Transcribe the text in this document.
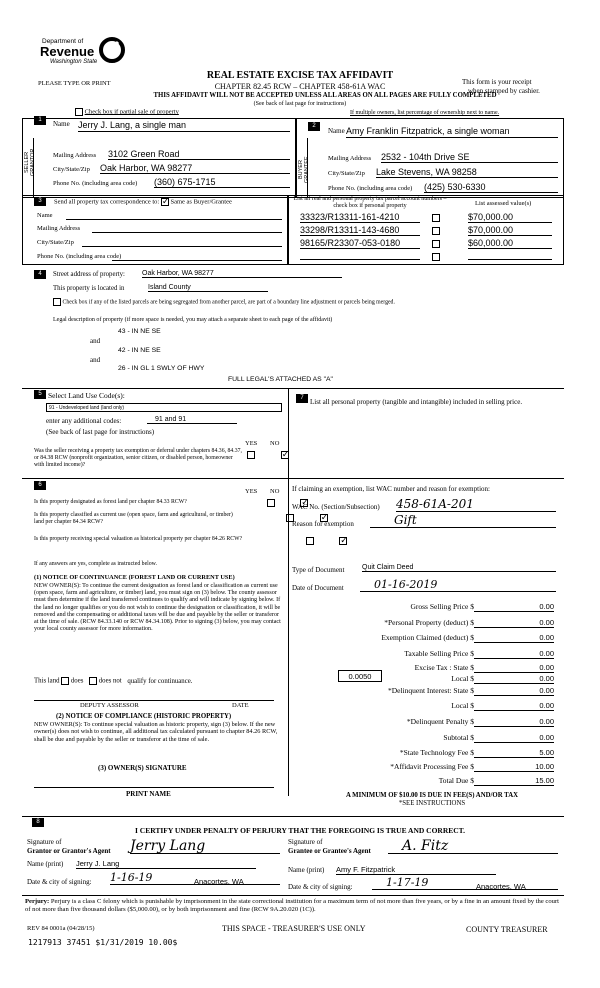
Department of
Revenue
Washington State
PLEASE TYPE OR PRINT
REAL ESTATE EXCISE TAX AFFIDAVIT
CHAPTER 82.45 RCW – CHAPTER 458-61A WAC
THIS AFFIDAVIT WILL NOT BE ACCEPTED UNLESS ALL AREAS ON ALL PAGES ARE FULLY COMPLETED
(See back of last page for instructions)
This form is your receipt
when stamped by cashier.
Check box if partial sale of property	If multiple owners, list percentage of ownership next to name.
1
SELLER GRANTOR
Name Jerry J. Lang, a single man
Mailing Address 3102 Green Road
City/State/Zip Oak Harbor, WA 98277
Phone No. (including area code) (360) 675-1715
2
BUYER GRANTEE
Name Amy Franklin Fitzpatrick, a single woman
Mailing Address 2532 - 104th Drive SE
City/State/Zip Lake Stevens, WA 98258
Phone No. (including area code) (425) 530-6330
3	Send all property tax correspondence to: ✓ Same as Buyer/Grantee
Name
Mailing Address
City/State/Zip
Phone No. (including area code)
List all real and personal property tax parcel account numbers – check box if personal property	List assessed value(s)
33323/R13311-161-4210	$70,000.00
33298/R13311-143-4680	$70,000.00
98165/R23307-053-0180	$60,000.00
4	Street address of property: Oak Harbor, WA 98277
This property is located in	Island County
Check box if any of the listed parcels are being segregated from another parcel, are part of a boundary line adjustment or parcels being merged.
Legal description of property (if more space is needed, you may attach a separate sheet to each page of the affidavit)
43 - IN NE SE
and
42 - IN NE SE
and
26 - IN GL 1 SWLY OF HWY
FULL LEGAL'S ATTACHED AS "A"
5 Select Land Use Code(s):
91 - Undeveloped land (land only)
enter any additional codes:	91 and 91
(See back of last page for instructions)
YES NO
Was the seller receiving a property tax exemption or deferral under chapters 84.36, 84.37, or 84.38 RCW (nonprofit organization, senior citizen, or disabled person, homeowner with limited income)?
✓
7 List all personal property (tangible and intangible) included in selling price.
6
YES NO
Is this property designated as forest land per chapter 84.33 RCW?
✓
Is this property classified as current use (open space, farm and agricultural, or timber) land per chapter 84.34 RCW?
✓
Is this property receiving special valuation as historical property per chapter 84.26 RCW?
✓
If any answers are yes, complete as instructed below.
(1) NOTICE OF CONTINUANCE (FOREST LAND OR CURRENT USE)
NEW OWNER(S): To continue the current designation as forest land or classification as current use (open space, farm and agriculture, or timber) land, you must sign on (3) below. The county assessor must then determine if the land transferred continues to qualify and will indicate by signing below. If the land no longer qualifies or you do not wish to continue the designation or classification, it will be removed and the compensating or additional taxes will be due and payable by the seller or transferor at the time of sale. (RCW 84.33.140 or RCW 84.34.108). Prior to signing (3) below, you may contact your local county assessor for more information.
This land does does not qualify for continuance.
DEPUTY ASSESSOR	DATE
(2) NOTICE OF COMPLIANCE (HISTORIC PROPERTY)
NEW OWNER(S): To continue special valuation as historic property, sign (3) below. If the new owner(s) does not wish to continue, all additional tax calculated pursuant to chapter 84.26 RCW, shall be due and payable by the seller or transferor at the time of sale.
(3) OWNER(S) SIGNATURE
PRINT NAME
If claiming an exemption, list WAC number and reason for exemption:
WAC No. (Section/Subsection) 458-61A-201
Reason for exemption	Gift
Type of Document	Quit Claim Deed
Date of Document	01-16-2019
Gross Selling Price $	0.00
*Personal Property (deduct) $	0.00
Exemption Claimed (deduct) $	0.00
Taxable Selling Price $	0.00
Excise Tax : State $	0.00
0.0050	Local $	0.00
*Delinquent Interest: State $	0.00
Local $	0.00
*Delinquent Penalty $	0.00
Subtotal $	0.00
*State Technology Fee $	5.00
*Affidavit Processing Fee $	10.00
Total Due $	15.00
A MINIMUM OF $10.00 IS DUE IN FEE(S) AND/OR TAX
*SEE INSTRUCTIONS
8
I CERTIFY UNDER PENALTY OF PERJURY THAT THE FOREGOING IS TRUE AND CORRECT.
Signature of
Grantor or Grantor's Agent Jerry Lang
Name (print) Jerry J. Lang
Date & city of signing: 1-16-19	Anacortes, WA
Signature of
Grantee or Grantee's Agent	A. Fitz
Name (print) Amy F. Fitzpatrick
Date & city of signing:	1-17-19	Anacortes, WA
Perjury: Perjury is a class C felony which is punishable by imprisonment in the state correctional institution for a maximum term of not more than five years, or by a fine in an amount fixed by the court of not more than five thousand dollars ($5,000.00), or by both imprisonment and fine (RCW 9A.20.020 (1C)).
REV 84 0001a (04/28/15)	THIS SPACE - TREASURER'S USE ONLY	COUNTY TREASURER
1217913 37451 $1/31/2019 10.00$
